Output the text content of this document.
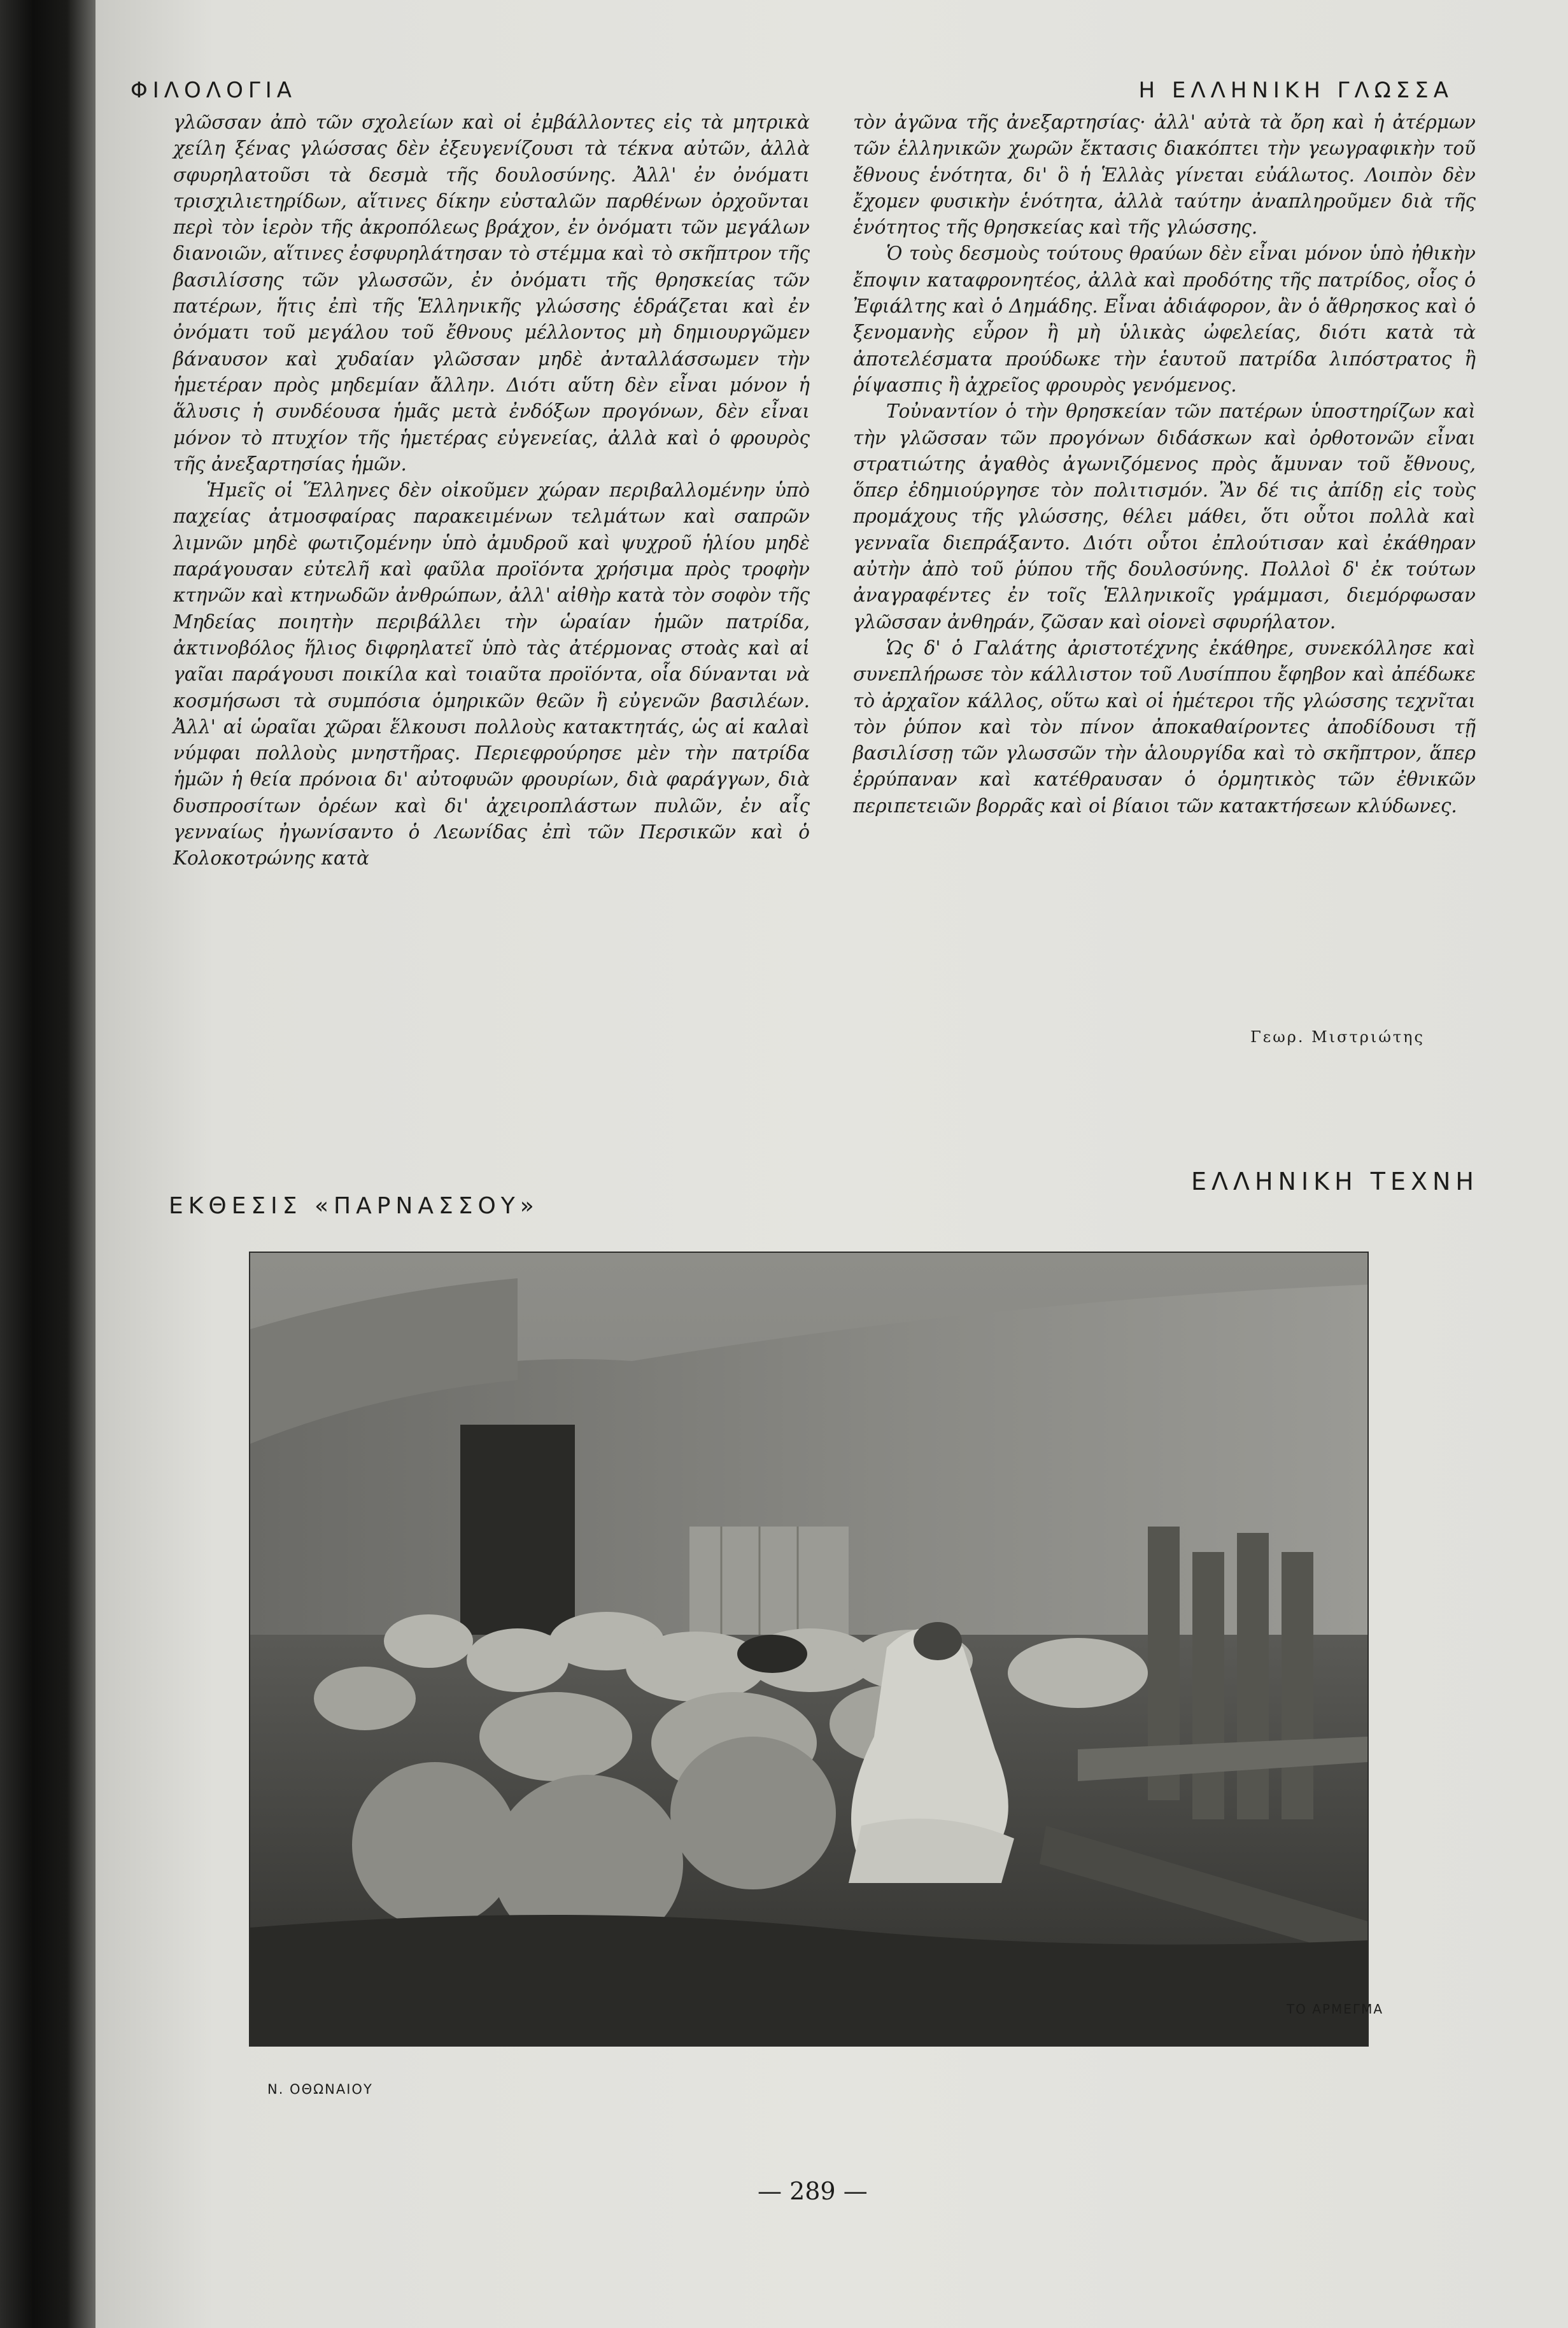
ΦΙΛΟΛΟΓΙΑ	Η ΕΛΛΗΝΙΚΗ ΓΛΩΣΣΑ

γλῶσσαν ἀπὸ τῶν σχολείων καὶ οἱ ἐμβάλλοντες εἰς τὰ μητρικὰ χείλη ξένας γλώσσας δὲν ἐξευγενίζουσι τὰ τέκνα αὐτῶν, ἀλλὰ σφυρηλατοῦσι τὰ δεσμὰ τῆς δουλοσύνης. Ἀλλ' ἐν ὀνόματι τρισχιλιετηρίδων, αἵτινες δίκην εὐσταλῶν παρθένων ὀρχοῦνται περὶ τὸν ἱερὸν τῆς ἀκροπόλεως βράχον, ἐν ὀνόματι τῶν μεγάλων διανοιῶν, αἵτινες ἐσφυρηλάτησαν τὸ στέμμα καὶ τὸ σκῆπτρον τῆς βασιλίσσης τῶν γλωσσῶν, ἐν ὀνόματι τῆς θρησκείας τῶν πατέρων, ἥτις ἐπὶ τῆς Ἑλληνικῆς γλώσσης ἑδράζεται καὶ ἐν ὀνόματι τοῦ μεγάλου τοῦ ἔθνους μέλλοντος μὴ δημιουργῶμεν βάναυσον καὶ χυδαίαν γλῶσσαν μηδὲ ἀνταλλάσσωμεν τὴν ἡμετέραν πρὸς μηδεμίαν ἄλλην. Διότι αὕτη δὲν εἶναι μόνον ἡ ἅλυσις ἡ συνδέουσα ἡμᾶς μετὰ ἐνδόξων προγόνων, δὲν εἶναι μόνον τὸ πτυχίον τῆς ἡμετέρας εὐγενείας, ἀλλὰ καὶ ὁ φρουρὸς τῆς ἀνεξαρτησίας ἡμῶν.

Ἡμεῖς οἱ Ἕλληνες δὲν οἰκοῦμεν χώραν περιβαλλομένην ὑπὸ παχείας ἀτμοσφαίρας παρακειμένων τελμάτων καὶ σαπρῶν λιμνῶν μηδὲ φωτιζομένην ὑπὸ ἀμυδροῦ καὶ ψυχροῦ ἡλίου μηδὲ παράγουσαν εὐτελῆ καὶ φαῦλα προϊόντα χρήσιμα πρὸς τροφὴν κτηνῶν καὶ κτηνωδῶν ἀνθρώπων, ἀλλ' αἰθὴρ κατὰ τὸν σοφὸν τῆς Μηδείας ποιητὴν περιβάλλει τὴν ὡραίαν ἡμῶν πατρίδα, ἀκτινοβόλος ἥλιος διφρηλατεῖ ὑπὸ τὰς ἀτέρμονας στοὰς καὶ αἱ γαῖαι παράγουσι ποικίλα καὶ τοιαῦτα προϊόντα, οἷα δύνανται νὰ κοσμήσωσι τὰ συμπόσια ὁμηρικῶν θεῶν ἢ εὐγενῶν βασιλέων. Ἀλλ' αἱ ὡραῖαι χῶραι ἕλκουσι πολλοὺς κατακτητάς, ὡς αἱ καλαὶ νύμφαι πολλοὺς μνηστῆρας. Περιεφρούρησε μὲν τὴν πατρίδα ἡμῶν ἡ θεία πρόνοια δι' αὐτοφυῶν φρουρίων, διὰ φαράγγων, διὰ δυσπροσίτων ὀρέων καὶ δι' ἀχειροπλάστων πυλῶν, ἐν αἷς γενναίως ἠγωνίσαντο ὁ Λεωνίδας ἐπὶ τῶν Περσικῶν καὶ ὁ Κολοκοτρώνης κατὰ

τὸν ἀγῶνα τῆς ἀνεξαρτησίας· ἀλλ' αὐτὰ τὰ ὄρη καὶ ἡ ἀτέρμων τῶν ἑλληνικῶν χωρῶν ἔκτασις διακόπτει τὴν γεωγραφικὴν τοῦ ἔθνους ἑνότητα, δι' ὃ ἡ Ἑλλὰς γίνεται εὐάλωτος. Λοιπὸν δὲν ἔχομεν φυσικὴν ἑνότητα, ἀλλὰ ταύτην ἀναπληροῦμεν διὰ τῆς ἑνότητος τῆς θρησκείας καὶ τῆς γλώσσης.

Ὁ τοὺς δεσμοὺς τούτους θραύων δὲν εἶναι μόνον ὑπὸ ἠθικὴν ἔποψιν καταφρονητέος, ἀλλὰ καὶ προδότης τῆς πατρίδος, οἷος ὁ Ἐφιάλτης καὶ ὁ Δημάδης. Εἶναι ἀδιάφορον, ἂν ὁ ἄθρησκος καὶ ὁ ξενομανὴς εὗρον ἢ μὴ ὑλικὰς ὠφελείας, διότι κατὰ τὰ ἀποτελέσματα προύδωκε τὴν ἑαυτοῦ πατρίδα λιπόστρατος ἢ ῥίψασπις ἢ ἀχρεῖος φρουρὸς γενόμενος.

Τοὐναντίον ὁ τὴν θρησκείαν τῶν πατέρων ὑποστηρίζων καὶ τὴν γλῶσσαν τῶν προγόνων διδάσκων καὶ ὀρθοτονῶν εἶναι στρατιώτης ἀγαθὸς ἀγωνιζόμενος πρὸς ἄμυναν τοῦ ἔθνους, ὅπερ ἐδημιούργησε τὸν πολιτισμόν. Ἂν δέ τις ἀπίδῃ εἰς τοὺς προμάχους τῆς γλώσσης, θέλει μάθει, ὅτι οὗτοι πολλὰ καὶ γενναῖα διεπράξαντο. Διότι οὗτοι ἐπλούτισαν καὶ ἐκάθηραν αὐτὴν ἀπὸ τοῦ ῥύπου τῆς δουλοσύνης. Πολλοὶ δ' ἐκ τούτων ἀναγραφέντες ἐν τοῖς Ἑλληνικοῖς γράμμασι, διεμόρφωσαν γλῶσσαν ἀνθηράν, ζῶσαν καὶ οἱονεὶ σφυρήλατον.

Ὡς δ' ὁ Γαλάτης ἀριστοτέχνης ἐκάθηρε, συνεκόλλησε καὶ συνεπλήρωσε τὸν κάλλιστον τοῦ Λυσίππου ἔφηβον καὶ ἀπέδωκε τὸ ἀρχαῖον κάλλος, οὕτω καὶ οἱ ἡμέτεροι τῆς γλώσσης τεχνῖται τὸν ῥύπον καὶ τὸν πίνον ἀποκαθαίροντες ἀποδίδουσι τῇ βασιλίσσῃ τῶν γλωσσῶν τὴν ἁλουργίδα καὶ τὸ σκῆπτρον, ἅπερ ἐρρύπαναν καὶ κατέθραυσαν ὁ ὁρμητικὸς τῶν ἐθνικῶν περιπετειῶν βορρᾶς καὶ οἱ βίαιοι τῶν κατακτήσεων κλύδωνες.

Γεωρ. Μιστριώτης
ΕΚΘΕΣΙΣ «ΠΑΡΝΑΣΣΟΥ»
ΕΛΛΗΝΙΚΗ ΤΕΧΝΗ
ΤΟ ΑΡΜΕΓΜΑ
Ν. ΟΘΩΝΑΙΟΥ
— 289 —
